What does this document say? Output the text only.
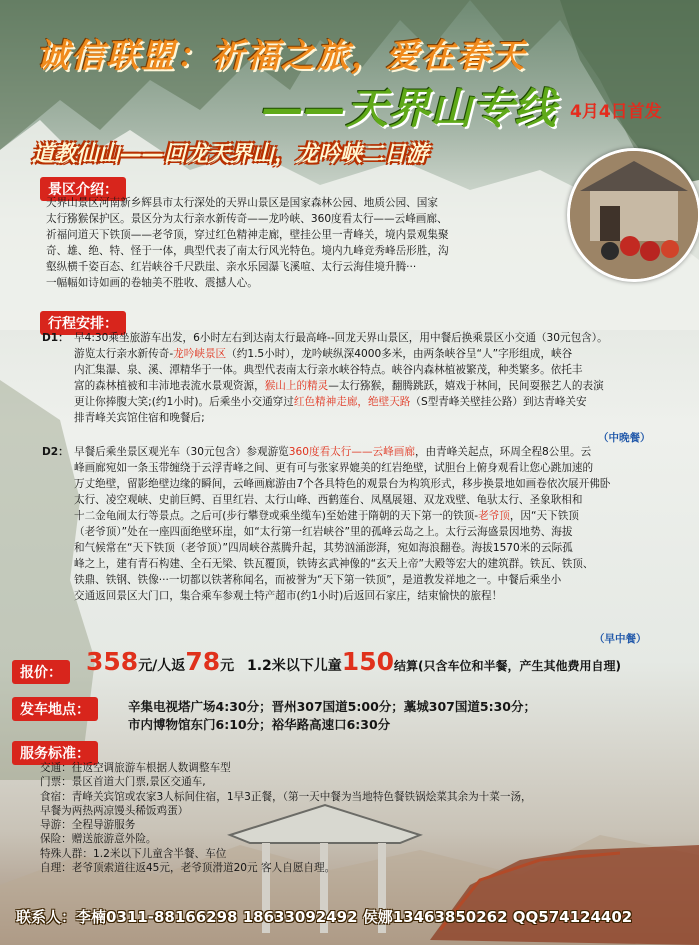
诚信联盟：祈福之旅，爱在春天
——天界山专线 4月4日首发
道教仙山——回龙天界山，龙吟峡二日游
景区介绍：
天界山景区河南新乡辉县市太行深处的天界山景区是国家森林公园、地质公园、国家
太行猕猴保护区。景区分为太行亲水新传奇——龙吟峡、360度看太行——云峰画廊、
祈福问道天下铁顶——老爷顶，穿过红色精神走廊，壁挂公里一青峰关，境内景观集聚
奇、雄、绝、特、怪于一体，典型代表了南太行风光特色。境内九峰竞秀峰岳形胜，沟
壑纵横千姿百态、红岩峡谷千尺跌崖、亲水乐园瀑飞溪喧、太行云海佳境升腾···
一幅幅如诗如画的卷轴美不胜收、震撼人心。
行程安排：
D1： 早4:30乘坐旅游车出发，6小时左右到达南太行最高峰--回龙天界山景区，用中餐后换乘景区小交通（30元包含）。
游览太行亲水新传奇-龙吟峡景区（约1.5小时），龙吟峡纵深4000多米，由两条峡谷呈“人”字形组成，峡谷
内汇集瀑、泉、溪、潭精华于一体。典型代表南太行亲水峡谷特点。峡谷内森林植被繁茂，种类繁多。依托丰
富的森林植被和丰沛地表流水景观资源，猴山上的精灵—太行猕猴，翻腾跳跃，嬉戏于林间，民间耍猴艺人的表演
更让你捧腹大笑;(约1小时)。后乘坐小交通穿过红色精神走廊，绝壁天路（S型青峰关壁挂公路）到达青峰关安
排青峰关宾馆住宿和晚餐后;
（中晚餐）
D2： 早餐后乘坐景区观光车（30元包含）参观游览360度看太行——云峰画廊，由青峰关起点，环周全程8公里。云
峰画廊宛如一条玉带缠绕于云浮青峰之间、更有可与张家界媲美的红岩绝壁，试胆台上俯身观看让您心跳加速的
万丈绝壁，留影绝壁边缘的瞬间，云峰画廊游由7个各具特色的观景台为构筑形式，移步换景地如画卷依次展开佛卧
太行、凌空观峡、史前巨鳄、百里红岩、太行山峰、西鹤莲台、凤凰展翅、双龙戏壁、龟驮太行、圣象耿相和
十二金龟闹太行等景点。之后可(步行攀登或乘坐缆车)至始建于隋朝的天下第一的铁顶-老爷顶，因“天下铁顶
（老爷顶）”处在一座四面绝壁环崖，如“太行第一红岩峡谷”里的孤峰云岛之上。太行云海盛景因地势、海拔
和气候常在“天下铁顶（老爷顶）”四周峡谷蒸腾升起，其势汹涌澎湃，宛如海浪翻卷。海拔1570米的云际孤
峰之上，建有青石构建、全石无梁、铁瓦覆顶，铁铸玄武神像的“玄天上帝”大殿等宏大的建筑群。铁瓦、铁顶、
铁鼎、铁钢、铁像···一切都以铁著称闻名，而被誉为“天下第一铁顶”，是道教发祥地之一。中餐后乘坐小
交通返回景区大门口，集合乘车参观土特产超市(约1小时)后返回石家庄，结束愉快的旅程！
（早中餐）
报价： 358元/人返78元 1.2米以下儿童150结算(只含车位和半餐，产生其他费用自理)
发车地点：	辛集电视塔广场4:30分；晋州307国道5:00分；藁城307国道5:30分；
市内博物馆东门6:10分；裕华路高速口6:30分
服务标准：
交通：往返空调旅游车根据人数调整车型
门票：景区首道大门票,景区交通车,
食宿：青峰关宾馆或农家3人标间住宿，1早3正餐，（第一天中餐为当地特色餐铁锅烩菜其余为十菜一汤，
早餐为两热两凉馒头稀饭鸡蛋）
导游：全程导游服务
保险：赠送旅游意外险。
特殊人群：1.2米以下儿童含半餐、车位
自理：老爷顶索道往返45元，老爷顶滑道20元 客人自愿自理。
联系人：李楠0311-88166298 18633092492 侯娜13463850262 QQ574124402
